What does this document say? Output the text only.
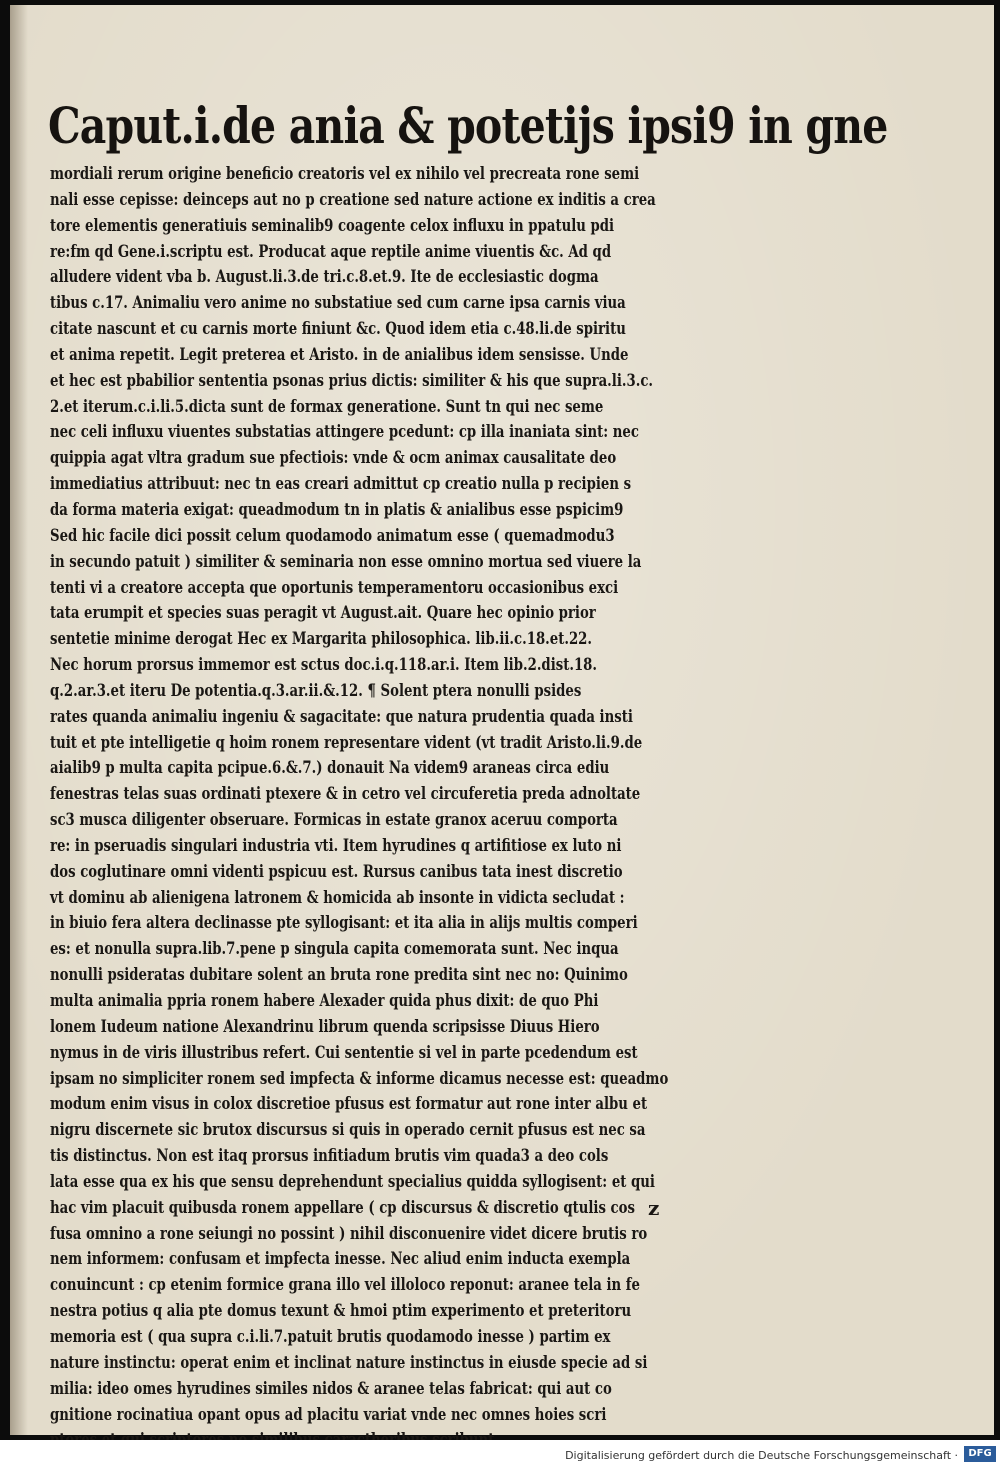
Caput.i.de ania & potetijs ipsi9 in gne
mordiali rerum origine beneficio creatoris vel ex nihilo vel precreata rone semi
nali esse cepisse: deinceps aut no p creatione sed nature actione ex inditis a crea
tore elementis generatiuis seminalib9 coagente celox influxu in ppatulu pdi
re:fm qd Gene.i.scriptu est. Producat aque reptile anime viuentis &c. Ad qd
alludere vident vba b. August.li.3.de tri.c.8.et.9. Ite de ecclesiastic dogma
tibus c.17. Animaliu vero anime no substatiue sed cum carne ipsa carnis viua
citate nascunt et cu carnis morte finiunt &c. Quod idem etia c.48.li.de spiritu
et anima repetit. Legit preterea et Aristo. in de anialibus idem sensisse. Unde
et hec est pbabilior sententia psonas prius dictis: similiter & his que supra.li.3.c.
2.et iterum.c.i.li.5.dicta sunt de formax generatione. Sunt tn qui nec seme
nec celi influxu viuentes substatias attingere pcedunt: cp illa inaniata sint: nec
quippia agat vltra gradum sue pfectiois: vnde & ocm animax causalitate deo
immediatius attribuut: nec tn eas creari admittut cp creatio nulla p recipien s
da forma materia exigat: queadmodum tn in platis & anialibus esse pspicim9
Sed hic facile dici possit celum quodamodo animatum esse ( quemadmodu3
in secundo patuit ) similiter & seminaria non esse omnino mortua sed viuere la
tenti vi a creatore accepta que oportunis temperamentoru occasionibus exci
tata erumpit et species suas peragit vt August.ait. Quare hec opinio prior
sentetie minime derogat Hec ex Margarita philosophica. lib.ii.c.18.et.22.
Nec horum prorsus immemor est sctus doc.i.q.118.ar.i. Item lib.2.dist.18.
q.2.ar.3.et iteru De potentia.q.3.ar.ii.&.12. ¶ Solent ptera nonulli psides
rates quanda animaliu ingeniu & sagacitate: que natura prudentia quada insti
tuit et pte intelligetie q hoim ronem representare vident (vt tradit Aristo.li.9.de
aialib9 p multa capita pcipue.6.&.7.) donauit Na videm9 araneas circa ediu
fenestras telas suas ordinati ptexere & in cetro vel circuferetia preda adnoltate
sc3 musca diligenter obseruare. Formicas in estate granox aceruu comporta
re: in pseruadis singulari industria vti. Item hyrudines q artifitiose ex luto ni
dos coglutinare omni videnti pspicuu est. Rursus canibus tata inest discretio
vt dominu ab alienigena latronem & homicida ab insonte in vidicta secludat :
in biuio fera altera declinasse pte syllogisant: et ita alia in alijs multis comperi
es: et nonulla supra.lib.7.pene p singula capita comemorata sunt. Nec inqua
nonulli psideratas dubitare solent an bruta rone predita sint nec no: Quinimo
multa animalia ppria ronem habere Alexader quida phus dixit: de quo Phi
lonem Iudeum natione Alexandrinu librum quenda scripsisse Diuus Hiero
nymus in de viris illustribus refert. Cui sententie si vel in parte pcedendum est
ipsam no simpliciter ronem sed impfecta & informe dicamus necesse est: queadmo
modum enim visus in colox discretioe pfusus est formatur aut rone inter albu et
nigru discernete sic brutox discursus si quis in operado cernit pfusus est nec sa
tis distinctus. Non est itaq prorsus infitiadum brutis vim quada3 a deo cols
lata esse qua ex his que sensu deprehendunt specialius quidda syllogisent: et qui
hac vim placuit quibusda ronem appellare ( cp discursus & discretio qtulis cos
fusa omnino a rone seiungi no possint ) nihil disconuenire videt dicere brutis ro
nem informem: confusam et impfecta inesse. Nec aliud enim inducta exempla
conuincunt : cp etenim formice grana illo vel illoloco reponut: aranee tela in fe
nestra potius q alia pte domus texunt & hmoi ptim experimento et preteritoru
memoria est ( qua supra c.i.li.7.patuit brutis quodamodo inesse ) partim ex
nature instinctu: operat enim et inclinat nature instinctus in eiusde specie ad si
milia: ideo omes hyrudines similes nidos & aranee telas fabricat: qui aut co
gnitione rocinatiua opant opus ad placitu variat vnde nec omnes hoies scri
z
Digitalisierung gefördert durch die Deutsche Forschungsgemeinschaft ·	DFG
